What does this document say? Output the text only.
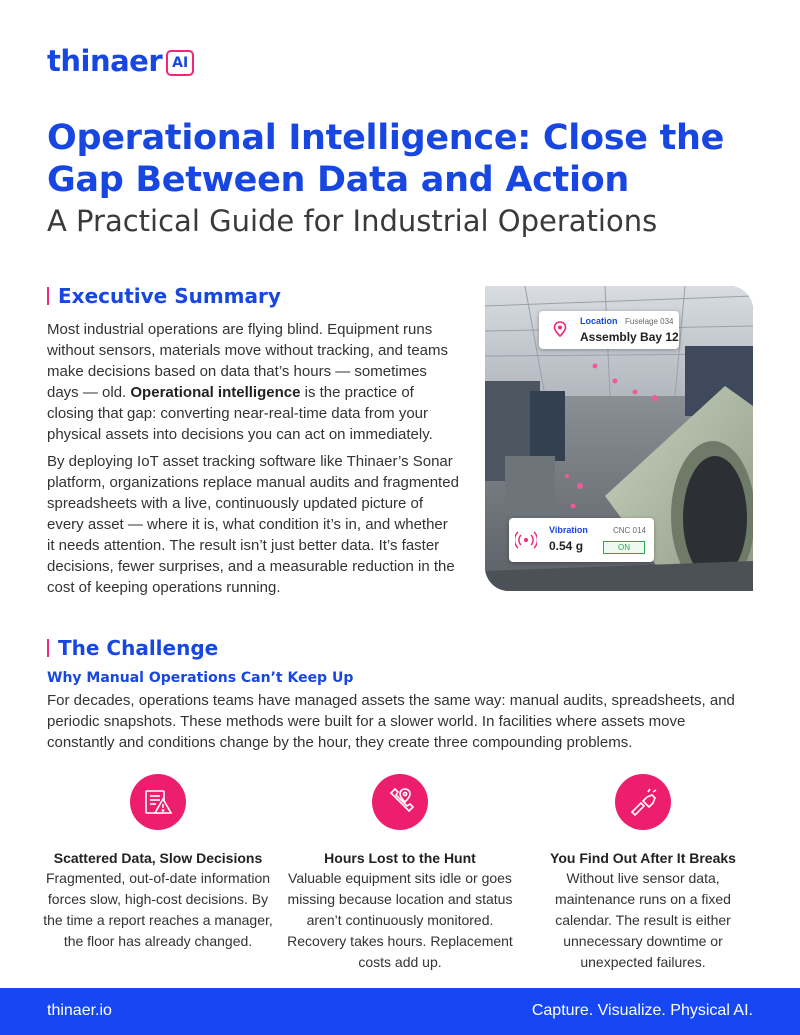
thinaer AI
Operational Intelligence: Close the Gap Between Data and Action
A Practical Guide for Industrial Operations
Executive Summary

Most industrial operations are flying blind. Equipment runs without sensors, materials move without tracking, and teams make decisions based on data that’s hours — sometimes days — old. Operational intelligence is the practice of closing that gap: converting near-real-time data from your physical assets into decisions you can act on immediately.

By deploying IoT asset tracking software like Thinaer’s Sonar platform, organizations replace manual audits and fragmented spreadsheets with a live, continuously updated picture of every asset — where it is, what condition it’s in, and whether it needs attention. The result isn’t just better data. It’s faster decisions, fewer surprises, and a measurable reduction in the cost of keeping operations running.

Location Fuselage 034
Assembly Bay 12
Vibration	CNC 014
0.54 g	ON
The Challenge
Why Manual Operations Can’t Keep Up

For decades, operations teams have managed assets the same way: manual audits, spreadsheets, and periodic snapshots. These methods were built for a slower world. In facilities where assets move constantly and conditions change by the hour, they create three compounding problems.

Scattered Data, Slow Decisions
Fragmented, out-of-date information forces slow, high-cost decisions. By the time a report reaches a manager, the floor has already changed.
Hours Lost to the Hunt
Valuable equipment sits idle or goes missing because location and status aren’t continuously monitored. Recovery takes hours. Replacement costs add up.
You Find Out After It Breaks
Without live sensor data, maintenance runs on a fixed calendar. The result is either unnecessary downtime or unexpected failures.
thinaer.io	Capture. Visualize. Physical AI.
